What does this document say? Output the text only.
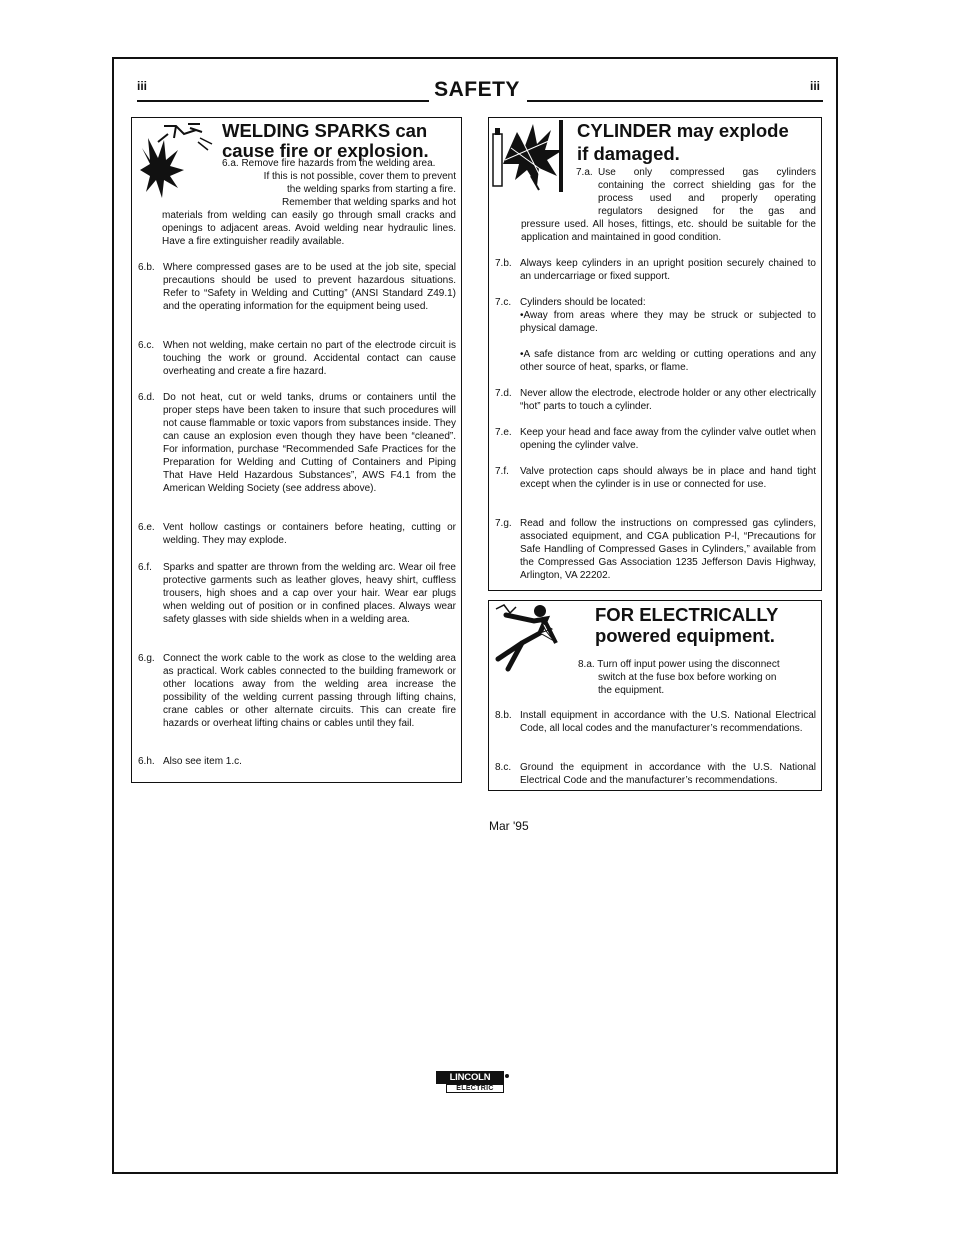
iii	iii
SAFETY
WELDING SPARKS can
cause fire or explosion.
6.a. Remove fire hazards from the welding area.
If this is not possible, cover them to prevent
the welding sparks from starting a fire.
Remember that welding sparks and hot
materials from welding can easily go through small cracks and openings to adjacent areas. Avoid welding near hydraulic lines. Have a fire extinguisher readily available.
6.b. Where compressed gases are to be used at the job site, special precautions should be used to prevent hazardous situations. Refer to “Safety in Welding and Cutting” (ANSI Standard Z49.1) and the operating information for the equipment being used.
6.c. When not welding, make certain no part of the electrode circuit is touching the work or ground. Accidental contact can cause overheating and create a fire hazard.
6.d. Do not heat, cut or weld tanks, drums or containers until the proper steps have been taken to insure that such procedures will not cause flammable or toxic vapors from substances inside. They can cause an explosion even though they have been “cleaned”. For information, purchase “Recommended Safe Practices for the Preparation for Welding and Cutting of Containers and Piping That Have Held Hazardous Substances”, AWS F4.1 from the American Welding Society (see address above).
6.e. Vent hollow castings or containers before heating, cutting or welding. They may explode.
6.f. Sparks and spatter are thrown from the welding arc. Wear oil free protective garments such as leather gloves, heavy shirt, cuffless trousers, high shoes and a cap over your hair. Wear ear plugs when welding out of position or in confined places. Always wear safety glasses with side shields when in a welding area.
6.g. Connect the work cable to the work as close to the welding area as practical. Work cables connected to the building framework or other locations away from the welding area increase the possibility of the welding current passing through lifting chains, crane cables or other alternate circuits. This can create fire hazards or overheat lifting chains or cables until they fail.
6.h. Also see item 1.c.
CYLINDER may explode
if damaged.
7.a. Use only compressed gas cylinders
containing the correct shielding gas for the
process used and properly operating
regulators designed for the gas and
pressure used. All hoses, fittings, etc. should be suitable for the application and maintained in good condition.
7.b. Always keep cylinders in an upright position securely chained to an undercarriage or fixed support.
7.c. Cylinders should be located:
•Away from areas where they may be struck or subjected to physical damage.
•A safe distance from arc welding or cutting operations and any other source of heat, sparks, or flame.
7.d. Never allow the electrode, electrode holder or any other electrically “hot” parts to touch a cylinder.
7.e. Keep your head and face away from the cylinder valve outlet when opening the cylinder valve.
7.f. Valve protection caps should always be in place and hand tight except when the cylinder is in use or connected for use.
7.g. Read and follow the instructions on compressed gas cylinders, associated equipment, and CGA publication P-l, “Precautions for Safe Handling of Compressed Gases in Cylinders,” available from the Compressed Gas Association 1235 Jefferson Davis Highway, Arlington, VA 22202.
FOR ELECTRICALLY
powered equipment.
8.a. Turn off input power using the disconnect
switch at the fuse box before working on
the equipment.
8.b. Install equipment in accordance with the U.S. National Electrical Code, all local codes and the manufacturer’s recommendations.
8.c. Ground the equipment in accordance with the U.S. National Electrical Code and the manufacturer’s recommendations.
Mar '95
LINCOLN
ELECTRIC
